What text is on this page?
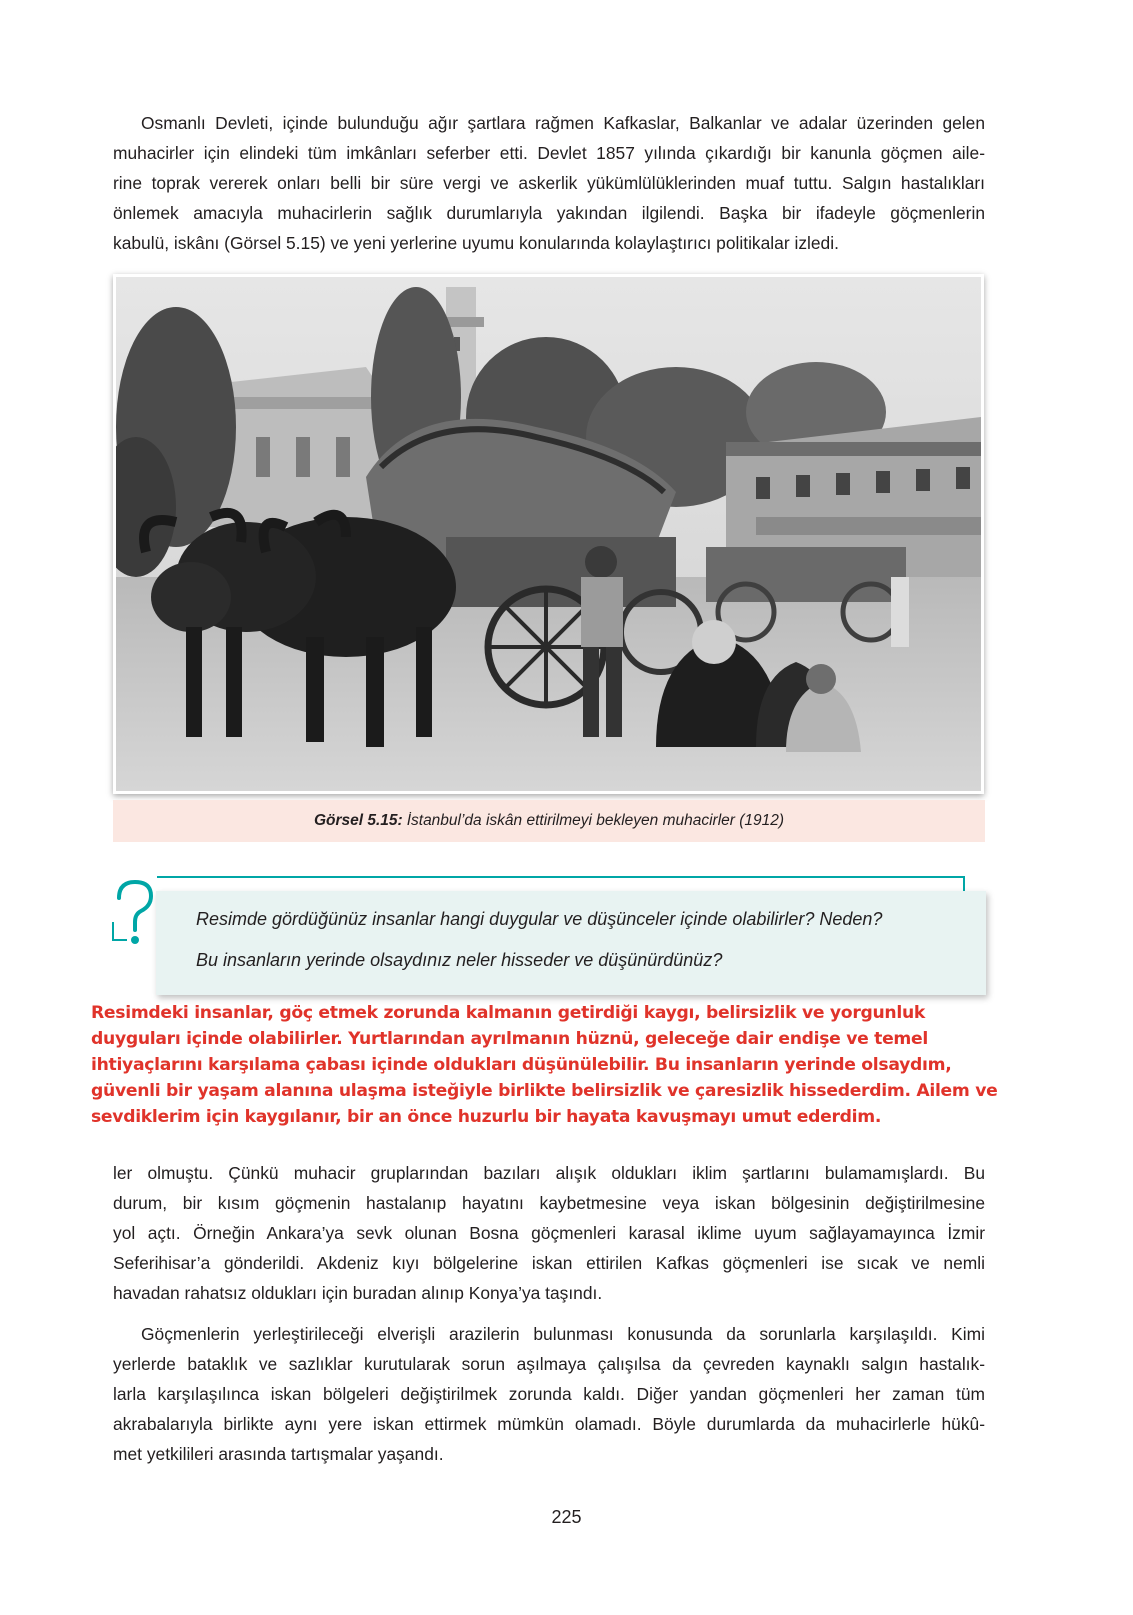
Osmanlı Devleti, içinde bulunduğu ağır şartlara rağmen Kafkaslar, Balkanlar ve adalar üzerinden gelen
muhacirler için elindeki tüm imkânları seferber etti. Devlet 1857 yılında çıkardığı bir kanunla göçmen aile-
rine toprak vererek onları belli bir süre vergi ve askerlik yükümlülüklerinden muaf tuttu. Salgın hastalıkları
önlemek amacıyla muhacirlerin sağlık durumlarıyla yakından ilgilendi. Başka bir ifadeyle göçmenlerin
kabulü, iskânı (Görsel 5.15) ve yeni yerlerine uyumu konularında kolaylaştırıcı politikalar izledi.
Görsel 5.15: İstanbul’da iskân ettirilmeyi bekleyen muhacirler (1912)
Resimde gördüğünüz insanlar hangi duygular ve düşünceler içinde olabilirler? Neden?
Bu insanların yerinde olsaydınız neler hisseder ve düşünürdünüz?
Resimdeki insanlar, göç etmek zorunda kalmanın getirdiği kaygı, belirsizlik ve yorgunluk
duyguları içinde olabilirler. Yurtlarından ayrılmanın hüznü, geleceğe dair endişe ve temel
ihtiyaçlarını karşılama çabası içinde oldukları düşünülebilir. Bu insanların yerinde olsaydım,
güvenli bir yaşam alanına ulaşma isteğiyle birlikte belirsizlik ve çaresizlik hissederdim. Ailem ve
sevdiklerim için kaygılanır, bir an önce huzurlu bir hayata kavuşmayı umut ederdim.
ler olmuştu. Çünkü muhacir gruplarından bazıları alışık oldukları iklim şartlarını bulamamışlardı. Bu
durum, bir kısım göçmenin hastalanıp hayatını kaybetmesine veya iskan bölgesinin değiştirilmesine
yol açtı. Örneğin Ankara’ya sevk olunan Bosna göçmenleri karasal iklime uyum sağlayamayınca İzmir
Seferihisar’a gönderildi. Akdeniz kıyı bölgelerine iskan ettirilen Kafkas göçmenleri ise sıcak ve nemli
havadan rahatsız oldukları için buradan alınıp Konya’ya taşındı.
Göçmenlerin yerleştirileceği elverişli arazilerin bulunması konusunda da sorunlarla karşılaşıldı. Kimi
yerlerde bataklık ve sazlıklar kurutularak sorun aşılmaya çalışılsa da çevreden kaynaklı salgın hastalık-
larla karşılaşılınca iskan bölgeleri değiştirilmek zorunda kaldı. Diğer yandan göçmenleri her zaman tüm
akrabalarıyla birlikte aynı yere iskan ettirmek mümkün olamadı. Böyle durumlarda da muhacirlerle hükû-
met yetkilileri arasında tartışmalar yaşandı.
225
